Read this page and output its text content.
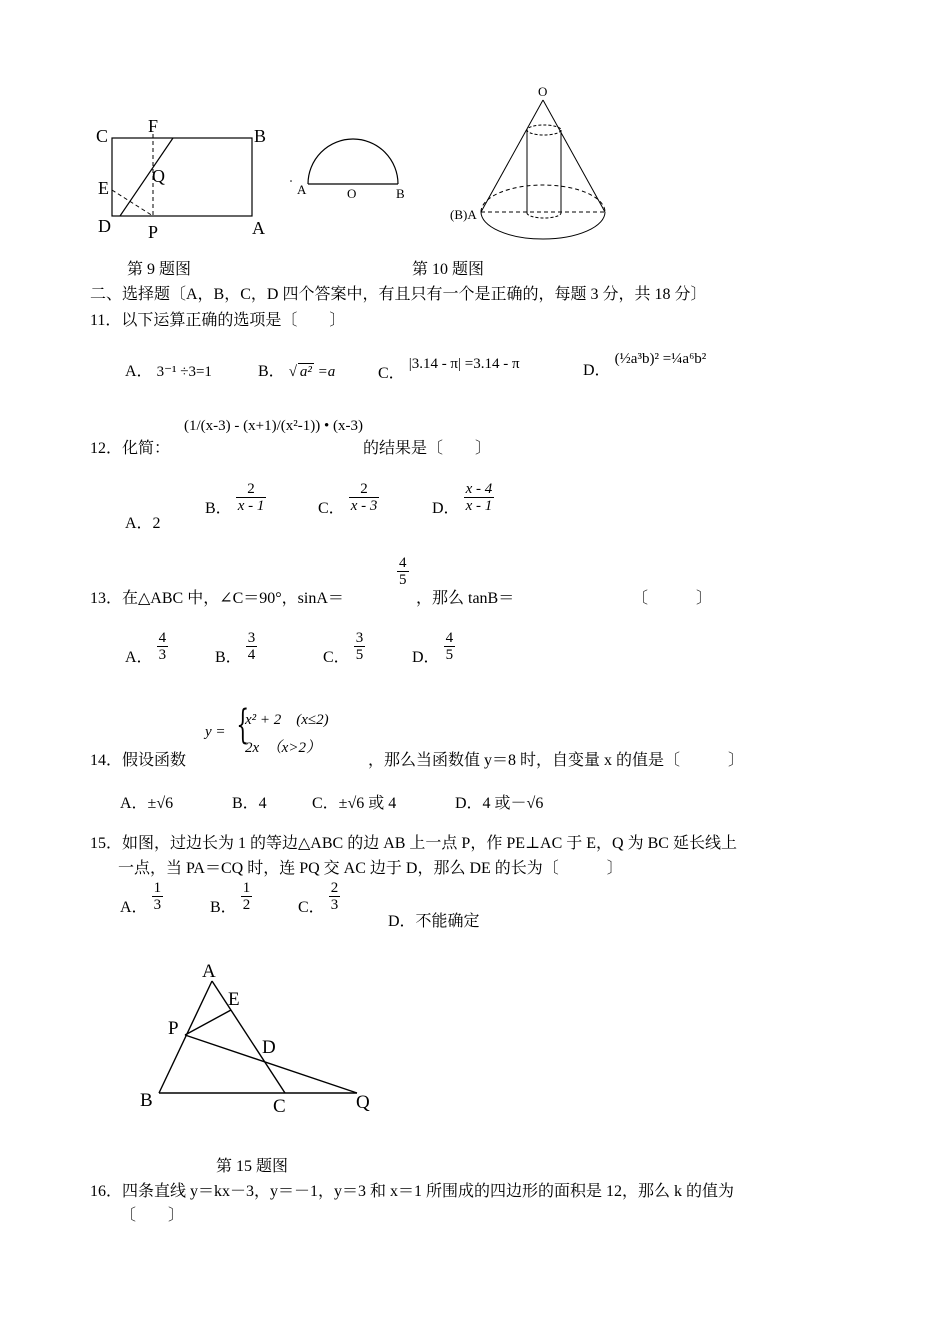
C F	B
E
Q
D P	A
A	O	B
O
(B)A
第 9 题图	第 10 题图
二、选择题〔A，B，C，D 四个答案中，有且只有一个是正确的，每题 3 分，共 18 分〕
11．以下运算正确的选项是〔　　〕
A． 3⁻¹ ÷3=1	B． √ a² =a	C． |3.14 - π| =3.14 - π	D． (½a³b)² =¼a⁶b²
12．化简：
(1/(x-3) - (x+1)/(x²-1)) • (x-3)
的结果是〔　　〕
A．2
B． $\frac{2}{x - 1}$	C． $\frac{2}{x - 3}$	D． $\frac{x - 4}{x - 1}$
13．在△ABC 中，∠C＝90°，sinA＝
4
5
，那么 tanB＝	〔　　　〕
A． $\frac{4}{3}$	B． $\frac{3}{4}$	C． $\frac{3}{5}$	D． $\frac{4}{5}$
14．假设函数
y = {
x² + 2　(x≤2)
2x　（x>2）
，那么当函数值 y＝8 时，自变量 x 的值是〔　　　〕
A．±√6	B．4	C．±√6 或 4	D．4 或－√6
15．如图，过边长为 1 的等边△ABC 的边 AB 上一点 P，作 PE⊥AC 于 E，Q 为 BC 延长线上
一点，当 PA＝CQ 时，连 PQ 交 AC 边于 D，那么 DE 的长为〔　　　〕
A． $\frac{1}{3}$	B． $\frac{1}{2}$	C． $\frac{2}{3}$
D．不能确定
A
E
P
D
B	C	Q
第 15 题图
16．四条直线 y＝kx－3，y＝－1，y＝3 和 x＝1 所围成的四边形的面积是 12，那么 k 的值为
〔　　〕
